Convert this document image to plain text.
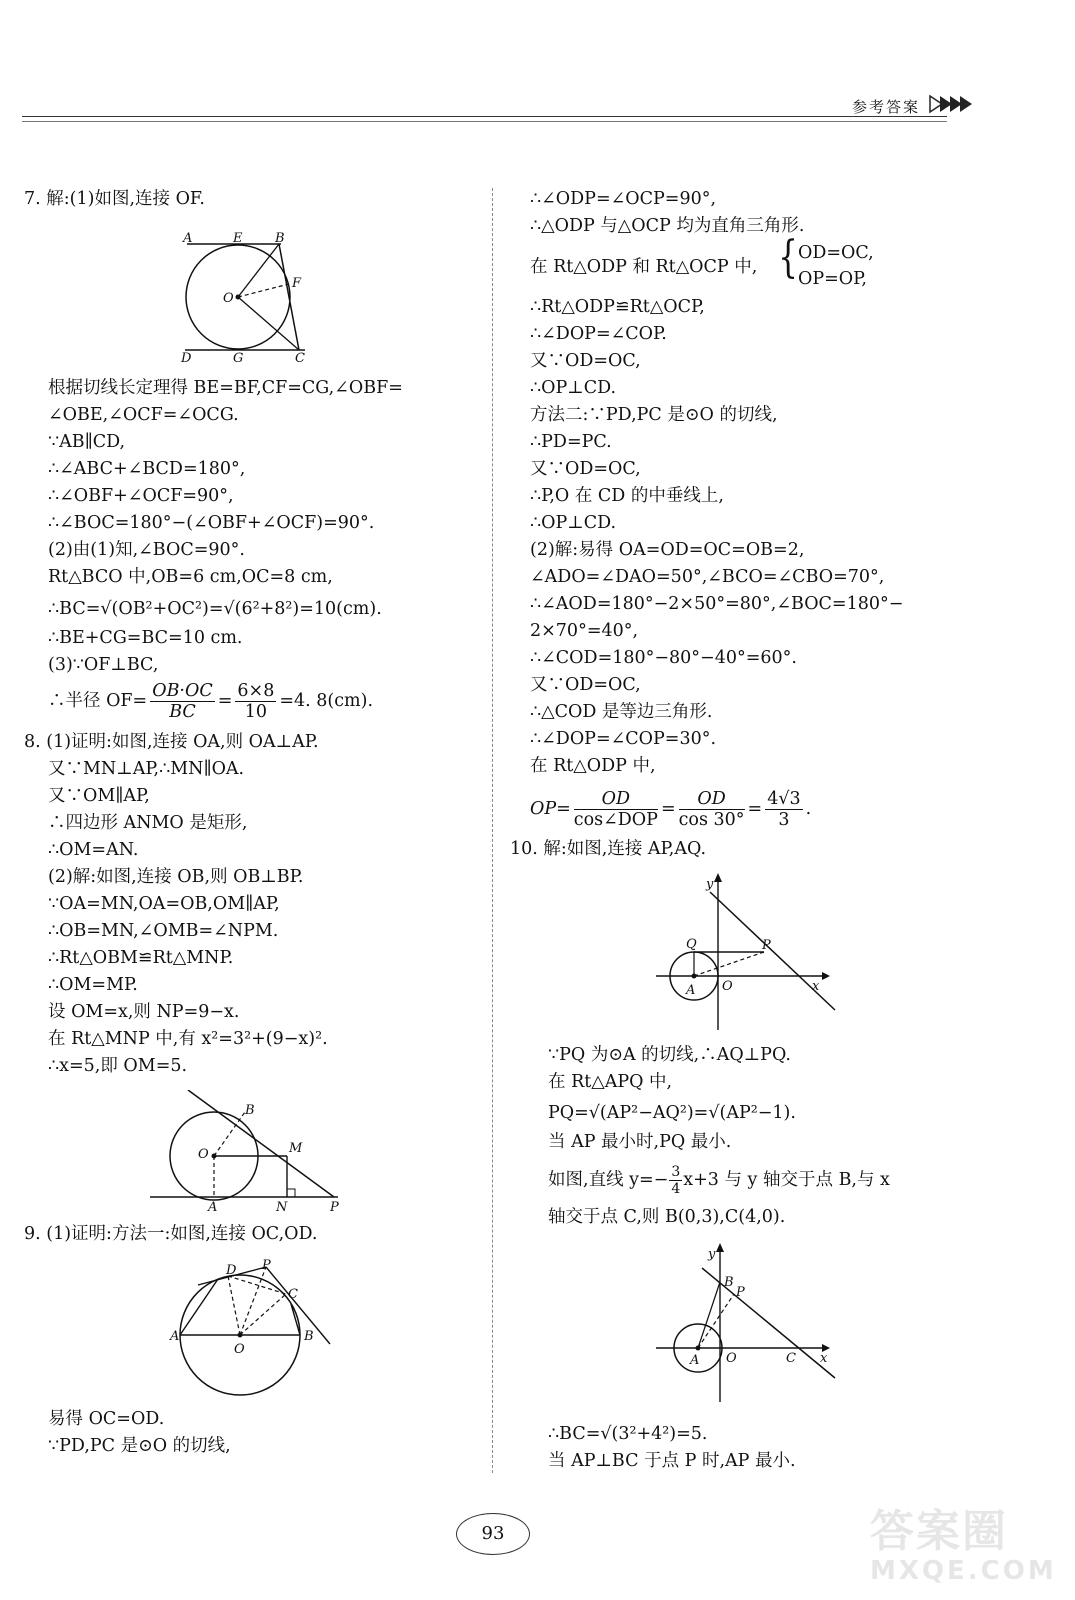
参考答案
7. 解:(1)如图,连接 OF.
A	E	B
O
F
D	G	C
根据切线长定理得 BE=BF,CF=CG,∠OBF=
∠OBE,∠OCF=∠OCG.
∵AB∥CD,
∴∠ABC+∠BCD=180°,
∴∠OBF+∠OCF=90°,
∴∠BOC=180°−(∠OBF+∠OCF)=90°.
(2)由(1)知,∠BOC=90°.
Rt△BCO 中,OB=6 cm,OC=8 cm,
∴BC=√(OB²+OC²)=√(6²+8²)=10(cm).
∴BE+CG=BC=10 cm.
(3)∵OF⊥BC,
∴半径 $OF= \frac{OB\cdot OC}{BC} = \frac{6\times 8}{10} =4$. 8(cm).
8. (1)证明:如图,连接 OA,则 OA⊥AP.
又∵MN⊥AP,∴MN∥OA.
又∵OM∥AP,
∴四边形 ANMO 是矩形,
∴OM=AN.
(2)解:如图,连接 OB,则 OB⊥BP.
∵OA=MN,OA=OB,OM∥AP,
∴OB=MN,∠OMB=∠NPM.
∴Rt△OBM≌Rt△MNP.
∴OM=MP.
设 OM=x,则 NP=9−x.
在 Rt△MNP 中,有 x²=3²+(9−x)².
∴x=5,即 OM=5.
B
O	M
A	N	P
9. (1)证明:方法一:如图,连接 OC,OD.
D P
C
A
O
B
易得 OC=OD.
∵PD,PC 是⊙O 的切线,
∴∠ODP=∠OCP=90°,
∴△ODP 与△OCP 均为直角三角形.
在 Rt△ODP 和 Rt△OCP 中, { OD=OC,
OP=OP,
∴Rt△ODP≌Rt△OCP,
∴∠DOP=∠COP.
又∵OD=OC,
∴OP⊥CD.
方法二:∵PD,PC 是⊙O 的切线,
∴PD=PC.
又∵OD=OC,
∴P,O 在 CD 的中垂线上,
∴OP⊥CD.
(2)解:易得 OA=OD=OC=OB=2,
∠ADO=∠DAO=50°,∠BCO=∠CBO=70°,
∴∠AOD=180°−2×50°=80°,∠BOC=180°−
2×70°=40°,
∴∠COD=180°−80°−40°=60°.
又∵OD=OC,
∴△COD 是等边三角形.
∴∠DOP=∠COP=30°.
在 Rt△ODP 中,
$OP= \frac{OD}{\text{cos∠DOP}} = \frac{OD}{\cos 30^\circ} = \frac{4√3}{3}$ .
10. 解:如图,连接 AP,AQ.
y
Q	P
A O	x
∵PQ 为⊙A 的切线,∴AQ⊥PQ.
在 Rt△APQ 中,
PQ=√(AP²−AQ²)=√(AP²−1).
当 AP 最小时,PQ 最小.
如图,直线 $y=- \frac{3}{4} x+3$ 与 y 轴交于点 B,与 x
轴交于点 C,则 B(0,3),C(4,0).
y
B
P
A O	C x
∴BC=√(3²+4²)=5.
当 AP⊥BC 于点 P 时,AP 最小.
93	答案圈
MXQE.COM
